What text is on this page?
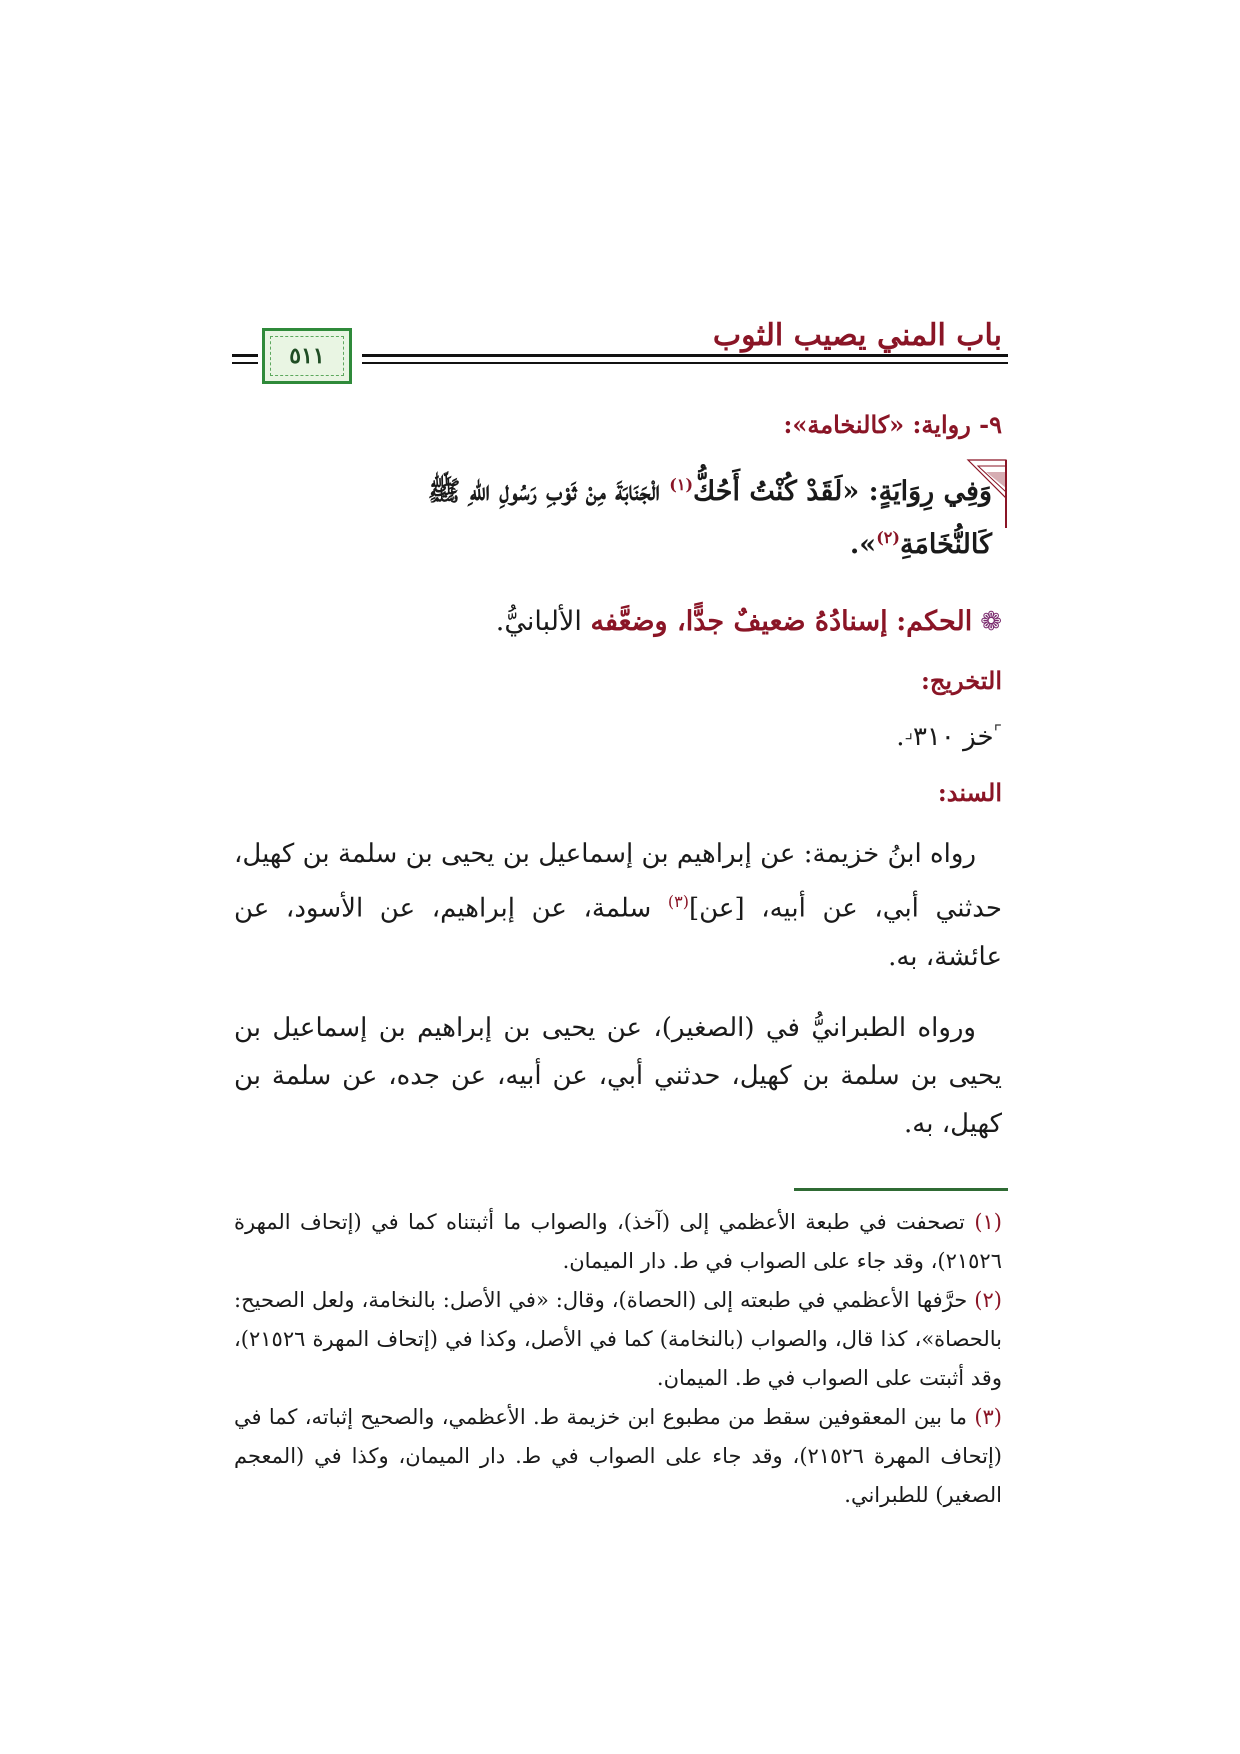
باب المني يصيب الثوب
٥١١
٩- رواية: «كالنخامة»:
وَفِي رِوَايَةٍ: «لَقَدْ كُنْتُ أَحُكُّ$^{(١)}$ الْجَنَابَةَ مِنْ ثَوْبِ رَسُولِ اللهِ ﷺ
كَالنُّخَامَةِ$^{(٢)}$».
❁الحكم: إسنادُهُ ضعيفٌ جدًّا، وضعَّفه الألبانيُّ.
التخريج:
⌜خز ٣١٠⌟.
السند:
رواه ابنُ خزيمة: عن إبراهيم بن إسماعيل بن يحيى بن سلمة بن كهيل، حدثني أبي، عن أبيه، [عن]$^{(٣)}$ سلمة، عن إبراهيم، عن الأسود، عن عائشة، به.
ورواه الطبرانيُّ في (الصغير)، عن يحيى بن إبراهيم بن إسماعيل بن يحيى بن سلمة بن كهيل، حدثني أبي، عن أبيه، عن جده، عن سلمة بن كهيل، به.

(١) تصحفت في طبعة الأعظمي إلى (آخذ)، والصواب ما أثبتناه كما في (إتحاف المهرة ٢١٥٢٦)، وقد جاء على الصواب في ط. دار الميمان.

(٢) حرَّفها الأعظمي في طبعته إلى (الحصاة)، وقال: «في الأصل: بالنخامة، ولعل الصحيح: بالحصاة»، كذا قال، والصواب (بالنخامة) كما في الأصل، وكذا في (إتحاف المهرة ٢١٥٢٦)، وقد أثبتت على الصواب في ط. الميمان.

(٣) ما بين المعقوفين سقط من مطبوع ابن خزيمة ط. الأعظمي، والصحيح إثباته، كما في (إتحاف المهرة ٢١٥٢٦)، وقد جاء على الصواب في ط. دار الميمان، وكذا في (المعجم الصغير) للطبراني.
